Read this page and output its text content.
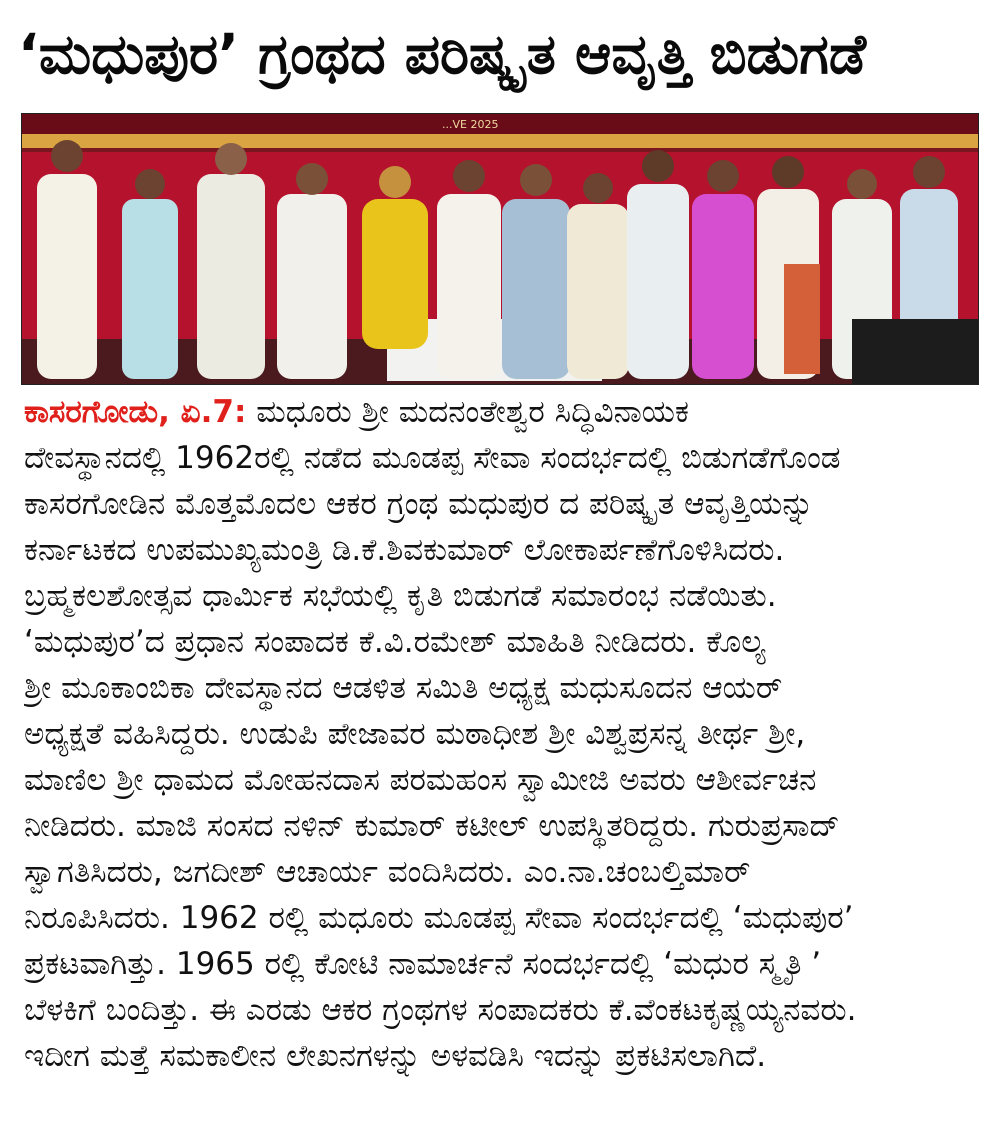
‘ಮಧುಪುರ’ ಗ್ರಂಥದ ಪರಿಷ್ಕೃತ ಆವೃತ್ತಿ ಬಿಡುಗಡೆ
...VE 2025
ಕಾಸರಗೋಡು, ಏ.7: ಮಧೂರು ಶ್ರೀ ಮದನಂತೇಶ್ವರ ಸಿದ್ಧಿವಿನಾಯಕ
ದೇವಸ್ಥಾನದಲ್ಲಿ 1962ರಲ್ಲಿ ನಡೆದ ಮೂಡಪ್ಪ ಸೇವಾ ಸಂದರ್ಭದಲ್ಲಿ ಬಿಡುಗಡೆಗೊಂಡ
ಕಾಸರಗೋಡಿನ ಮೊತ್ತಮೊದಲ ಆಕರ ಗ್ರಂಥ ಮಧುಪುರ ದ ಪರಿಷ್ಕೃತ ಆವೃತ್ತಿಯನ್ನು
ಕರ್ನಾಟಕದ ಉಪಮುಖ್ಯಮಂತ್ರಿ ಡಿ.ಕೆ.ಶಿವಕುಮಾರ್ ಲೋಕಾರ್ಪಣೆಗೊಳಿಸಿದರು.
ಬ್ರಹ್ಮಕಲಶೋತ್ಸವ ಧಾರ್ಮಿಕ ಸಭೆಯಲ್ಲಿ ಕೃತಿ ಬಿಡುಗಡೆ ಸಮಾರಂಭ ನಡೆಯಿತು.
‘ಮಧುಪುರ’ದ ಪ್ರಧಾನ ಸಂಪಾದಕ ಕೆ.ವಿ.ರಮೇಶ್ ಮಾಹಿತಿ ನೀಡಿದರು. ಕೊಲ್ಯ
ಶ್ರೀ ಮೂಕಾಂಬಿಕಾ ದೇವಸ್ಥಾನದ ಆಡಳಿತ ಸಮಿತಿ ಅಧ್ಯಕ್ಷ ಮಧುಸೂದನ ಆಯರ್
ಅಧ್ಯಕ್ಷತೆ ವಹಿಸಿದ್ದರು. ಉಡುಪಿ ಪೇಜಾವರ ಮಠಾಧೀಶ ಶ್ರೀ ವಿಶ್ವಪ್ರಸನ್ನ ತೀರ್ಥ ಶ್ರೀ,
ಮಾಣಿಲ ಶ್ರೀ ಧಾಮದ ಮೋಹನದಾಸ ಪರಮಹಂಸ ಸ್ವಾಮೀಜಿ ಅವರು ಆಶೀರ್ವಚನ
ನೀಡಿದರು. ಮಾಜಿ ಸಂಸದ ನಳಿನ್ ಕುಮಾರ್ ಕಟೀಲ್ ಉಪಸ್ಥಿತರಿದ್ದರು. ಗುರುಪ್ರಸಾದ್
ಸ್ವಾಗತಿಸಿದರು, ಜಗದೀಶ್ ಆಚಾರ್ಯ ವಂದಿಸಿದರು. ಎಂ.ನಾ.ಚಂಬಲ್ತಿಮಾರ್
ನಿರೂಪಿಸಿದರು. 1962 ರಲ್ಲಿ ಮಧೂರು ಮೂಡಪ್ಪ ಸೇವಾ ಸಂದರ್ಭದಲ್ಲಿ ‘ಮಧುಪುರ’
ಪ್ರಕಟವಾಗಿತ್ತು. 1965 ರಲ್ಲಿ ಕೋಟಿ ನಾಮಾರ್ಚನೆ ಸಂದರ್ಭದಲ್ಲಿ ‘ಮಧುರ ಸ್ಮೃತಿ ’
ಬೆಳಕಿಗೆ ಬಂದಿತ್ತು. ಈ ಎರಡು ಆಕರ ಗ್ರಂಥಗಳ ಸಂಪಾದಕರು ಕೆ.ವೆಂಕಟಕೃಷ್ಣಯ್ಯನವರು.
ಇದೀಗ ಮತ್ತೆ ಸಮಕಾಲೀನ ಲೇಖನಗಳನ್ನು ಅಳವಡಿಸಿ ಇದನ್ನು ಪ್ರಕಟಿಸಲಾಗಿದೆ.
